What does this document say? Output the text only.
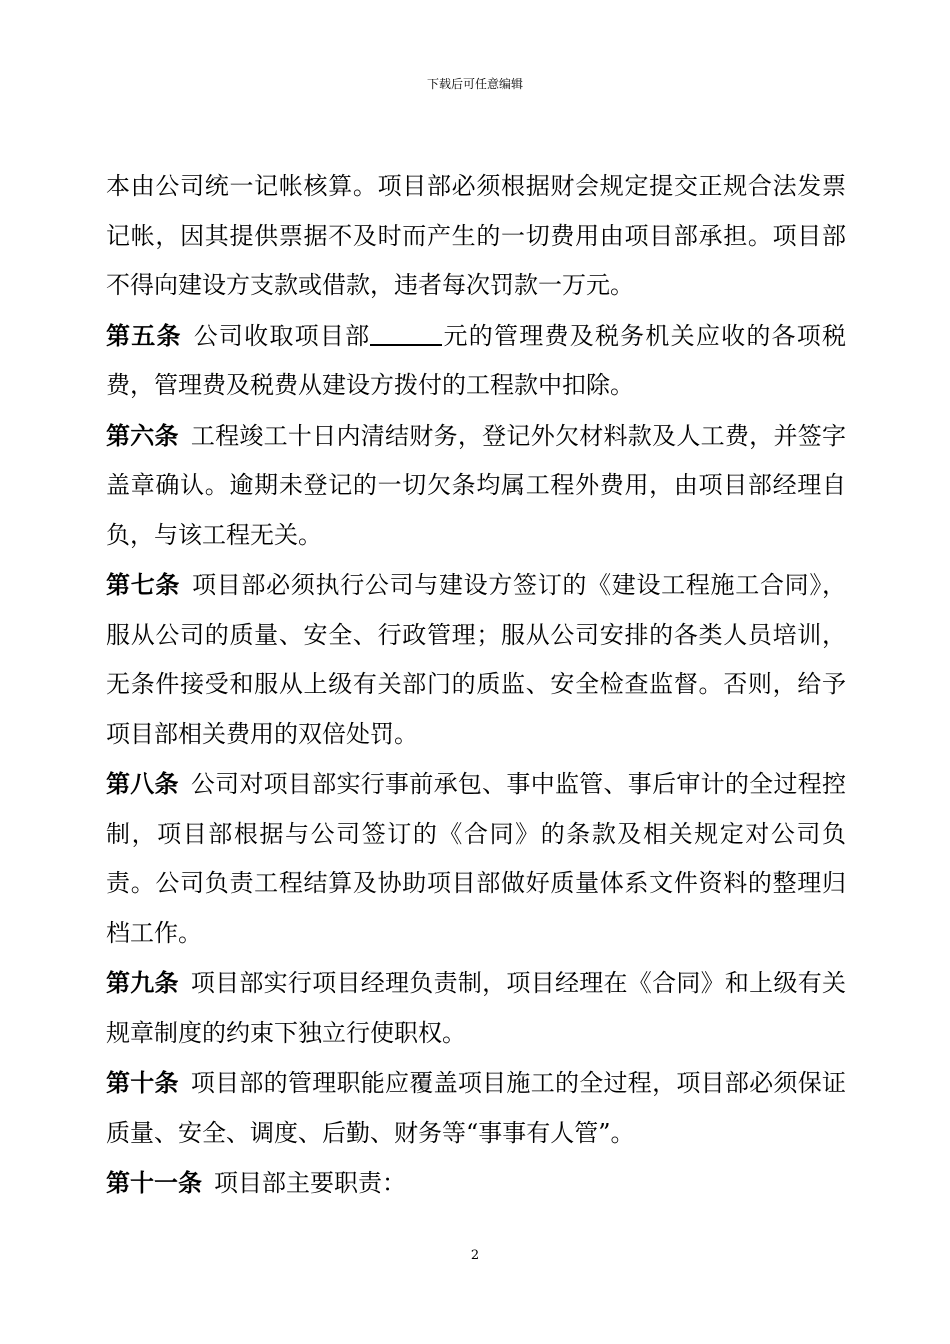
下载后可任意编辑

本由公司统一记帐核算。项目部必须根据财会规定提交正规合法发票记帐，因其提供票据不及时而产生的一切费用由项目部承担。项目部不得向建设方支款或借款，违者每次罚款一万元。

第五条 公司收取项目部	元的管理费及税务机关应收的各项税费，管理费及税费从建设方拨付的工程款中扣除。

第六条 工程竣工十日内清结财务，登记外欠材料款及人工费，并签字盖章确认。逾期未登记的一切欠条均属工程外费用，由项目部经理自负，与该工程无关。

第七条 项目部必须执行公司与建设方签订的《建设工程施工合同》，服从公司的质量、安全、行政管理；服从公司安排的各类人员培训，无条件接受和服从上级有关部门的质监、安全检查监督。否则，给予项目部相关费用的双倍处罚。

第八条 公司对项目部实行事前承包、事中监管、事后审计的全过程控制，项目部根据与公司签订的《合同》的条款及相关规定对公司负责。公司负责工程结算及协助项目部做好质量体系文件资料的整理归档工作。

第九条 项目部实行项目经理负责制，项目经理在《合同》和上级有关规章制度的约束下独立行使职权。

第十条 项目部的管理职能应覆盖项目施工的全过程，项目部必须保证质量、安全、调度、后勤、财务等“事事有人管”。

第十一条 项目部主要职责：

2
